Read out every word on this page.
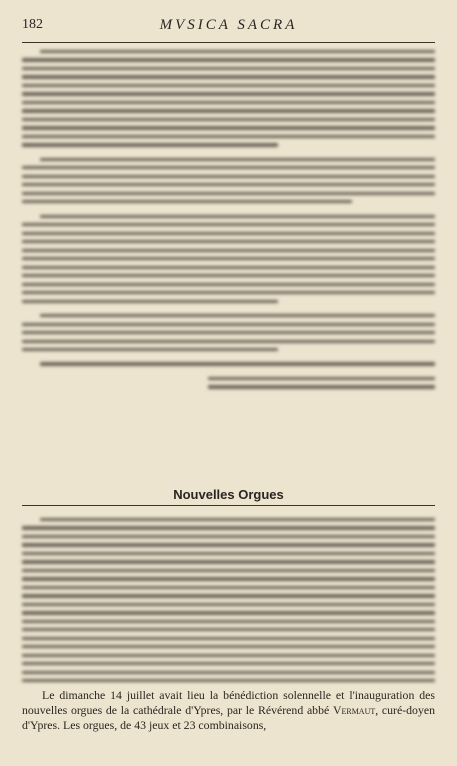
182	MVSICA SACRA
Nouvelles Orgues

Le dimanche 14 juillet avait lieu la bénédiction solennelle et l'inauguration des nouvelles orgues de la cathédrale d'Ypres, par le Révérend abbé Vermaut, curé-doyen d'Ypres. Les orgues, de 43 jeux et 23 combinaisons,
